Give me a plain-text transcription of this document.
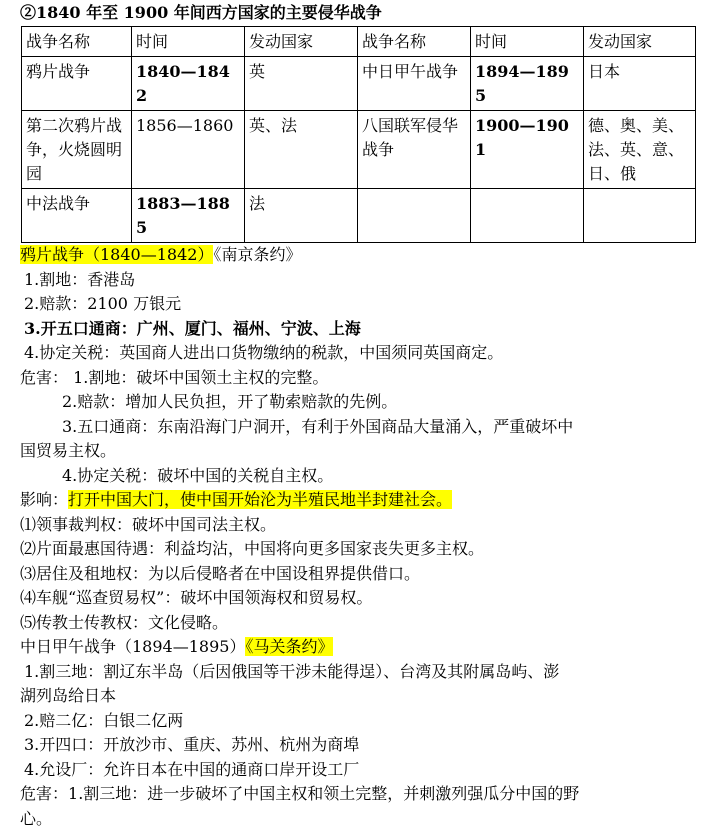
②1840 年至 1900 年间西方国家的主要侵华战争
战争名称	时间	发动国家	战争名称	时间	发动国家
鸦片战争	1840—1842	英	中日甲午战争	1894—1895	日本
第二次鸦片战争，火烧圆明园	1856—1860	英、法	八国联军侵华战争	1900—1901	德、奥、美、法、英、意、日、俄
中法战争	1883—1885	法			
鸦片战争（1840—1842）《南京条约》
1.割地：香港岛
2.赔款：2100 万银元
3.开五口通商：广州、厦门、福州、宁波、上海
4.协定关税：英国商人进出口货物缴纳的税款，中国须同英国商定。
危害： 1.割地：破坏中国领土主权的完整。
2.赔款：增加人民负担，开了勒索赔款的先例。
3.五口通商：东南沿海门户洞开，有利于外国商品大量涌入，严重破坏中
国贸易主权。
4.协定关税：破坏中国的关税自主权。
影响：打开中国大门，使中国开始沦为半殖民地半封建社会。
⑴领事裁判权：破坏中国司法主权。
⑵片面最惠国待遇：利益均沾，中国将向更多国家丧失更多主权。
⑶居住及租地权：为以后侵略者在中国设租界提供借口。
⑷车舰“巡查贸易权”：破坏中国领海权和贸易权。
⑸传教士传教权：文化侵略。
中日甲午战争（1894—1895）《马关条约》
1.割三地：割辽东半岛（后因俄国等干涉未能得逞）、台湾及其附属岛屿、澎
湖列岛给日本
2.赔二亿：白银二亿两
3.开四口：开放沙市、重庆、苏州、杭州为商埠
4.允设厂：允许日本在中国的通商口岸开设工厂
危害：1.割三地：进一步破坏了中国主权和领土完整，并刺激列强瓜分中国的野
心。
